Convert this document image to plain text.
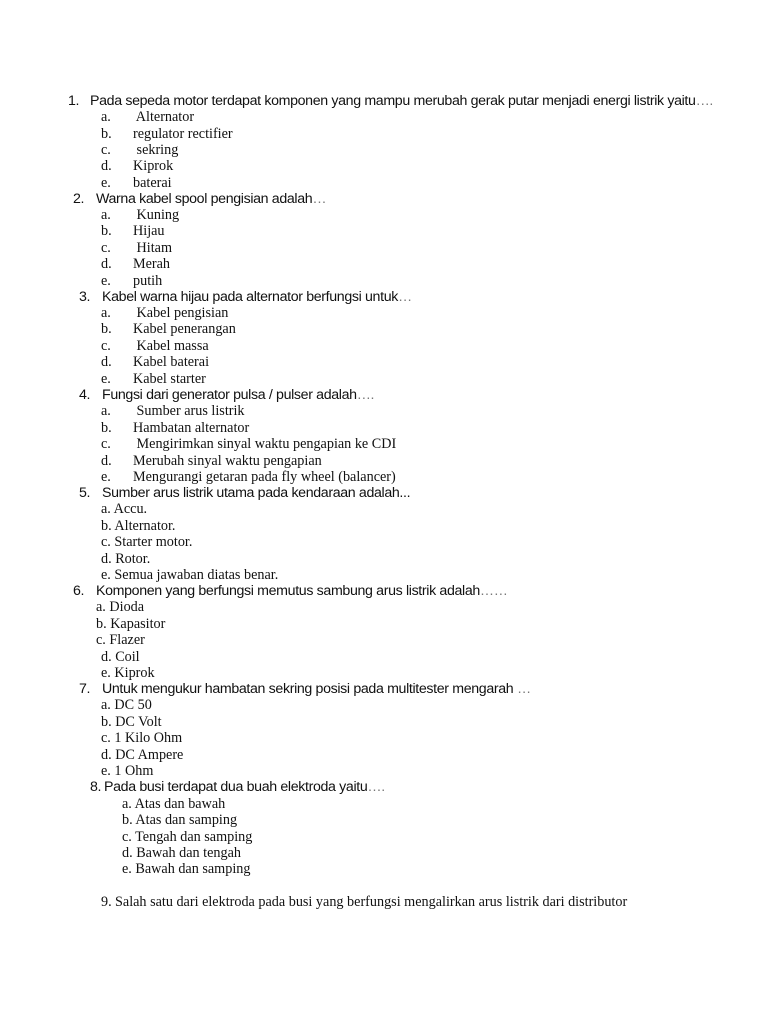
1. Pada sepeda motor terdapat komponen yang mampu merubah gerak putar menjadi energi listrik yaitu….
a. Alternator
b. regulator rectifier
c. sekring
d. Kiprok
e. baterai
2. Warna kabel spool pengisian adalah…
a. Kuning
b. Hijau
c. Hitam
d. Merah
e. putih
3. Kabel warna hijau pada alternator berfungsi untuk…
a. Kabel pengisian
b. Kabel penerangan
c. Kabel massa
d. Kabel baterai
e. Kabel starter
4. Fungsi dari generator pulsa / pulser adalah….
a. Sumber arus listrik
b. Hambatan alternator
c. Mengirimkan sinyal waktu pengapian ke CDI
d. Merubah sinyal waktu pengapian
e. Mengurangi getaran pada fly wheel (balancer)
5. Sumber arus listrik utama pada kendaraan adalah...
a. Accu.
b. Alternator.
c. Starter motor.
d. Rotor.
e. Semua jawaban diatas benar.
6. Komponen yang berfungsi memutus sambung arus listrik adalah……
a. Dioda
b. Kapasitor
c. Flazer
d. Coil
e. Kiprok
7. Untuk mengukur hambatan sekring posisi pada multitester mengarah …
a. DC 50
b. DC Volt
c. 1 Kilo Ohm
d. DC Ampere
e. 1 Ohm
8. Pada busi terdapat dua buah elektroda yaitu….
a. Atas dan bawah
b. Atas dan samping
c. Tengah dan samping
d. Bawah dan tengah
e. Bawah dan samping
9. Salah satu dari elektroda pada busi yang berfungsi mengalirkan arus listrik dari distributor
